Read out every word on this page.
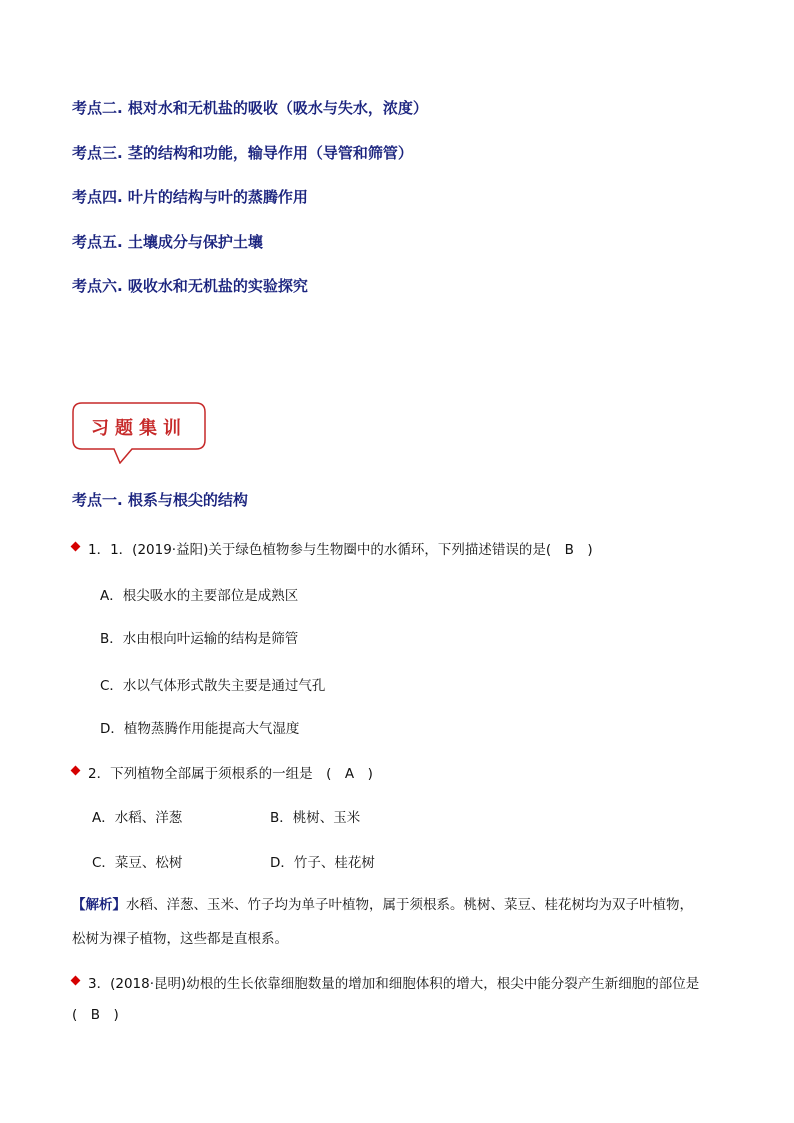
考点二. 根对水和无机盐的吸收（吸水与失水，浓度）
考点三. 茎的结构和功能，输导作用（导管和筛管）
考点四. 叶片的结构与叶的蒸腾作用
考点五. 土壤成分与保护土壤
考点六. 吸收水和无机盐的实验探究
习题集训
考点一. 根系与根尖的结构
1．1．(2019·益阳)关于绿色植物参与生物圈中的水循环，下列描述错误的是(　B　)
A．根尖吸水的主要部位是成熟区
B．水由根向叶运输的结构是筛管
C．水以气体形式散失主要是通过气孔
D．植物蒸腾作用能提高大气湿度
2．下列植物全部属于须根系的一组是　(　A　)
A．水稻、洋葱	B．桃树、玉米
C．菜豆、松树	D．竹子、桂花树
【解析】水稻、洋葱、玉米、竹子均为单子叶植物，属于须根系。桃树、菜豆、桂花树均为双子叶植物，
松树为裸子植物，这些都是直根系。
3．(2018·昆明)幼根的生长依靠细胞数量的增加和细胞体积的增大，根尖中能分裂产生新细胞的部位是
(　B　)
